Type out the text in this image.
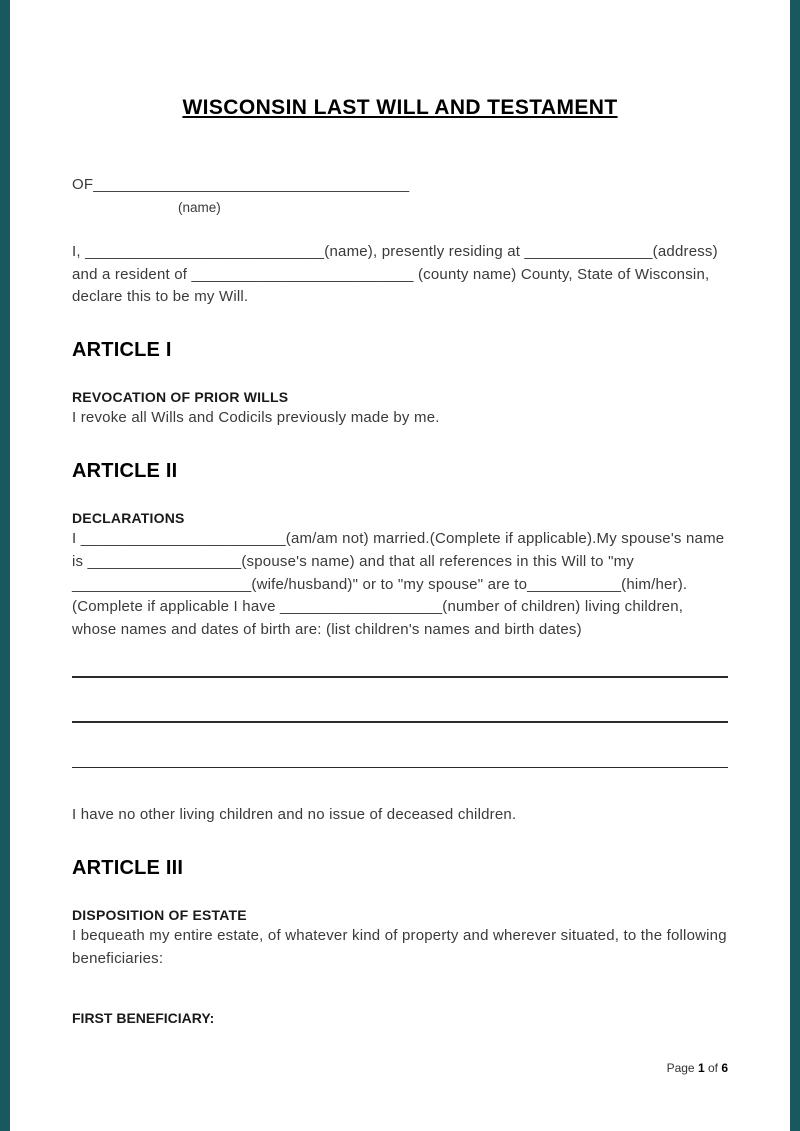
WISCONSIN LAST WILL AND TESTAMENT
OF_____________________________________
(name)

I, ____________________________(name), presently residing at _______________(address) and a resident of __________________________ (county name) County, State of Wisconsin, declare this to be my Will.

ARTICLE I
REVOCATION OF PRIOR WILLS
I revoke all Wills and Codicils previously made by me.
ARTICLE II
DECLARATIONS
I ________________________(am/am not) married.(Complete if applicable).My spouse's name is __________________(spouse's name) and that all references in this Will to "my _____________________(wife/husband)" or to "my spouse" are to___________(him/her).(Complete if applicable I have ___________________(number of children) living children, whose names and dates of birth are: (list children's names and birth dates)
I have no other living children and no issue of deceased children.
ARTICLE III
DISPOSITION OF ESTATE
I bequeath my entire estate, of whatever kind of property and wherever situated, to the following beneficiaries:
FIRST BENEFICIARY:
Page 1 of 6
